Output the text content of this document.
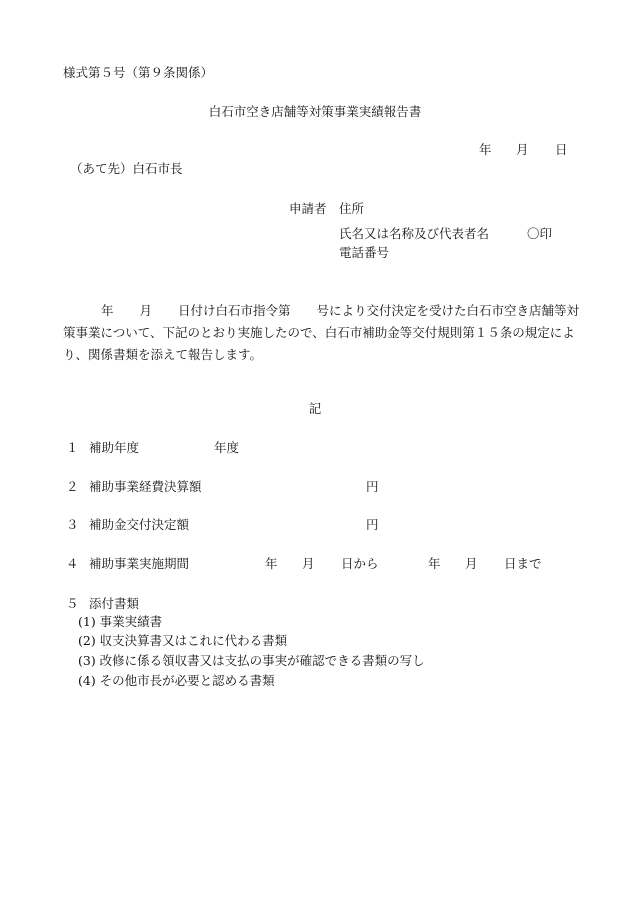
様式第５号（第９条関係）
白石市空き店舗等対策事業実績報告書
年 月 日
（あて先）白石市長
申請者 住所
氏名又は名称及び代表者名	〇印
電話番号
年 月 日付け白石市指令第 号により交付決定を受けた白石市空き店舗等対策事業について、下記のとおり実施したので、白石市補助金等交付規則第１５条の規定により、関係書類を添えて報告します。
記
１ 補助年度	年度
２ 補助事業経費決算額	円
３ 補助金交付決定額	円
４ 補助事業実施期間	年 月 日から	年 月 日まで
５ 添付書類
(1) 事業実績書
(2) 収支決算書又はこれに代わる書類
(3) 改修に係る領収書又は支払の事実が確認できる書類の写し
(4) その他市長が必要と認める書類
